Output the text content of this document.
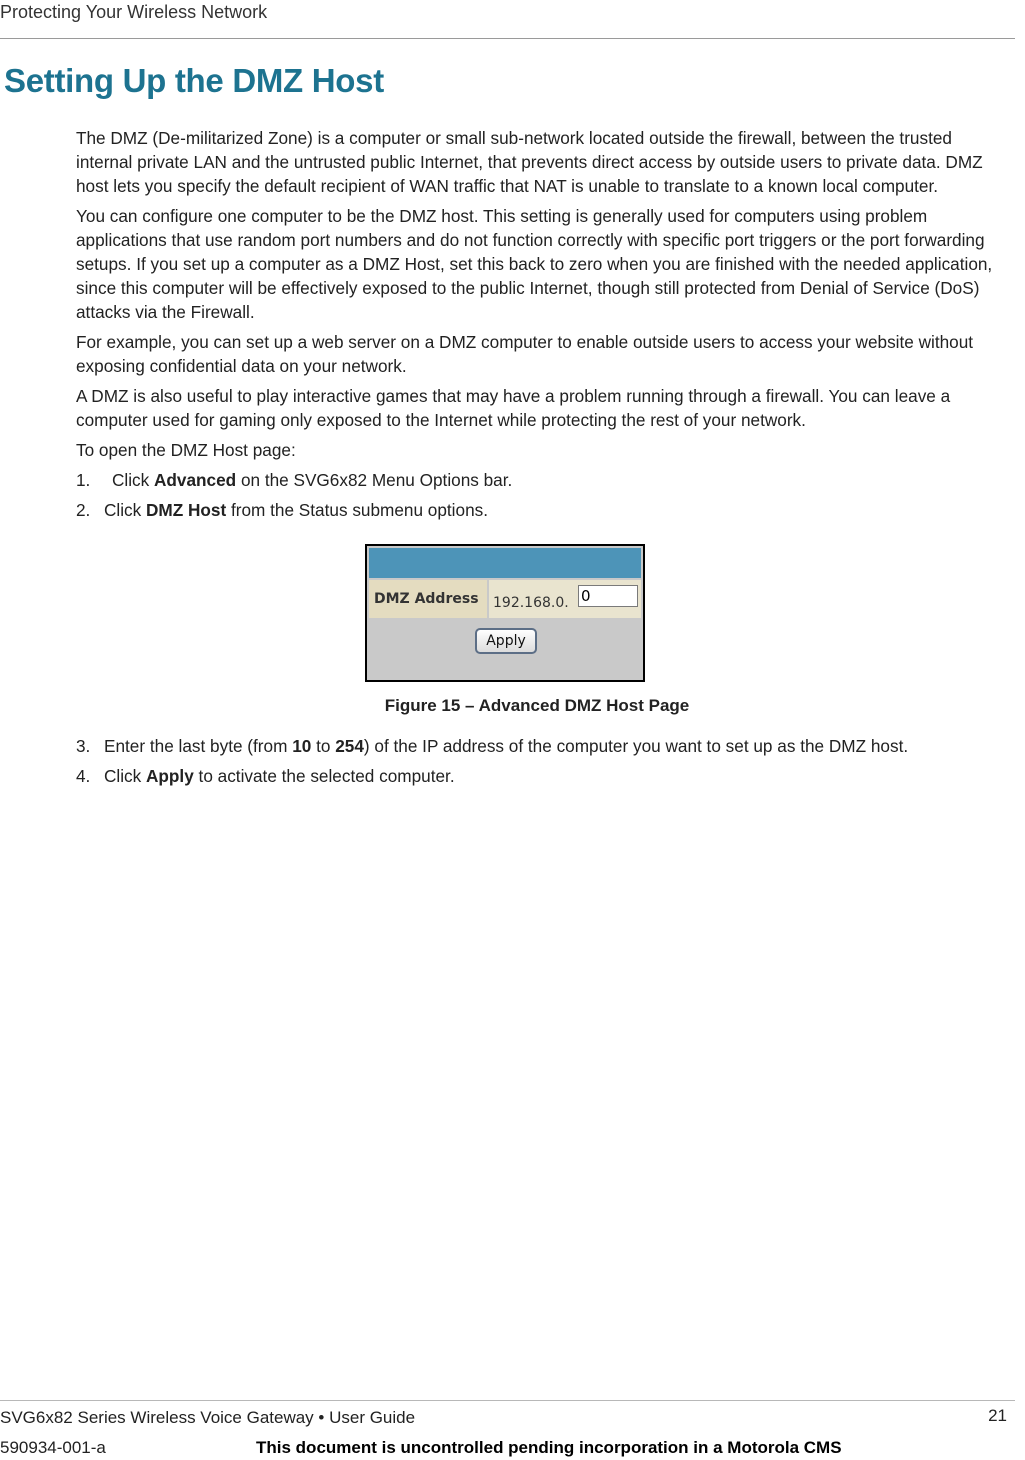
Protecting Your Wireless Network
Setting Up the DMZ Host

The DMZ (De-militarized Zone) is a computer or small sub-network located outside the firewall, between the trusted internal private LAN and the untrusted public Internet, that prevents direct access by outside users to private data. DMZ host lets you specify the default recipient of WAN traffic that NAT is unable to translate to a known local computer.

You can configure one computer to be the DMZ host. This setting is generally used for computers using problem applications that use random port numbers and do not function correctly with specific port triggers or the port forwarding setups. If you set up a computer as a DMZ Host, set this back to zero when you are finished with the needed application, since this computer will be effectively exposed to the public Internet, though still protected from Denial of Service (DoS) attacks via the Firewall.

For example, you can set up a web server on a DMZ computer to enable outside users to access your website without exposing confidential data on your network.

A DMZ is also useful to play interactive games that may have a problem running through a firewall. You can leave a computer used for gaming only exposed to the Internet while protecting the rest of your network.

To open the DMZ Host page:

1.	Click Advanced on the SVG6x82 Menu Options bar.
2. Click DMZ Host from the Status submenu options.
DMZ Address	192.168.0. 0
Apply
Figure 15 – Advanced DMZ Host Page
3. Enter the last byte (from 10 to 254) of the IP address of the computer you want to set up as the DMZ host.
4. Click Apply to activate the selected computer.
SVG6x82 Series Wireless Voice Gateway • User Guide	21
590934-001-a	This document is uncontrolled pending incorporation in a Motorola CMS
